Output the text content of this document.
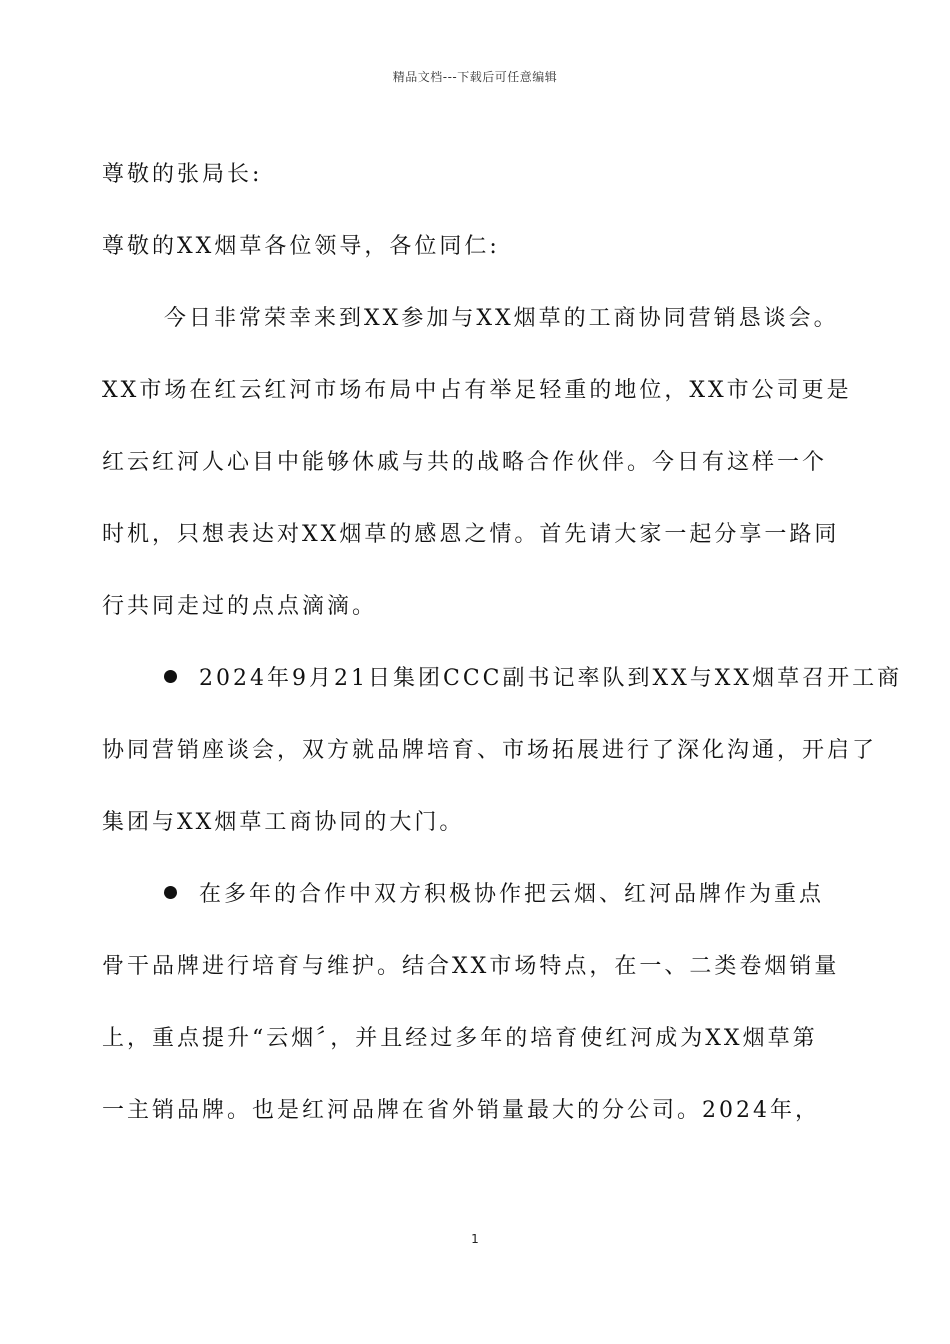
精品文档---下载后可任意编辑
尊敬的张局长:
尊敬的XX烟草各位领导，各位同仁:
今日非常荣幸来到XX参加与XX烟草的工商协同营销恳谈会。
XX市场在红云红河市场布局中占有举足轻重的地位，XX市公司更是
红云红河人心目中能够休戚与共的战略合作伙伴。今日有这样一个
时机，只想表达对XX烟草的感恩之情。首先请大家一起分享一路同
行共同走过的点点滴滴。
2024年9月21日集团CCC副书记率队到XX与XX烟草召开工商
协同营销座谈会，双方就品牌培育、市场拓展进行了深化沟通，开启了
集团与XX烟草工商协同的大门。
在多年的合作中双方积极协作把云烟、红河品牌作为重点
骨干品牌进行培育与维护。结合XX市场特点，在一、二类卷烟销量
上，重点提升“云烟〞，并且经过多年的培育使红河成为XX烟草第
一主销品牌。也是红河品牌在省外销量最大的分公司。2024年，
1
